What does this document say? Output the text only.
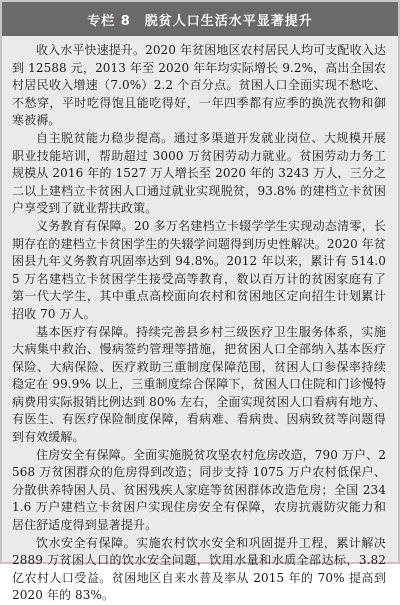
专栏 8 脱贫人口生活水平显著提升

收入水平快速提升。2020 年贫困地区农村居民人均可支配收入达到 12588 元，2013 年至 2020 年年均实际增长 9.2%，高出全国农村居民收入增速（7.0%）2.2 个百分点。贫困人口全面实现不愁吃、不愁穿，平时吃得饱且能吃得好，一年四季都有应季的换洗衣物和御寒被褥。

自主脱贫能力稳步提高。通过多渠道开发就业岗位、大规模开展职业技能培训，帮助超过 3000 万贫困劳动力就业。贫困劳动力务工规模从 2016 年的 1527 万人增长至 2020 年的 3243 万人，三分之二以上建档立卡贫困人口通过就业实现脱贫，93.8% 的建档立卡贫困户享受到了就业帮扶政策。

义务教育有保障。20 多万名建档立卡辍学学生实现动态清零，长期存在的建档立卡贫困学生的失辍学问题得到历史性解决。2020 年贫困县九年义务教育巩固率达到 94.8%。2012 年以来，累计有 514.05 万名建档立卡贫困学生接受高等教育，数以百万计的贫困家庭有了第一代大学生，其中重点高校面向农村和贫困地区定向招生计划累计招收 70 万人。

基本医疗有保障。持续完善县乡村三级医疗卫生服务体系，实施大病集中救治、慢病签约管理等措施，把贫困人口全部纳入基本医疗保险、大病保险、医疗救助三重制度保障范围，贫困人口参保率持续稳定在 99.9% 以上，三重制度综合保障下，贫困人口住院和门诊慢特病费用实际报销比例达到 80% 左右，全面实现贫困人口看病有地方、有医生、有医疗保险制度保障，看病难、看病贵、因病致贫等问题得到有效缓解。

住房安全有保障。全面实施脱贫攻坚农村危房改造，790 万户、2568 万贫困群众的危房得到改造；同步支持 1075 万户农村低保户、分散供养特困人员、贫困残疾人家庭等贫困群体改造危房；全国 2341.6 万户建档立卡贫困户实现住房安全有保障，农房抗震防灾能力和居住舒适度得到显著提升。

饮水安全有保障。实施农村饮水安全和巩固提升工程，累计解决 2889 万贫困人口的饮水安全问题，饮用水量和水质全部达标，3.82 亿农村人口受益。贫困地区自来水普及率从 2015 年的 70% 提高到 2020 年的 83%。
